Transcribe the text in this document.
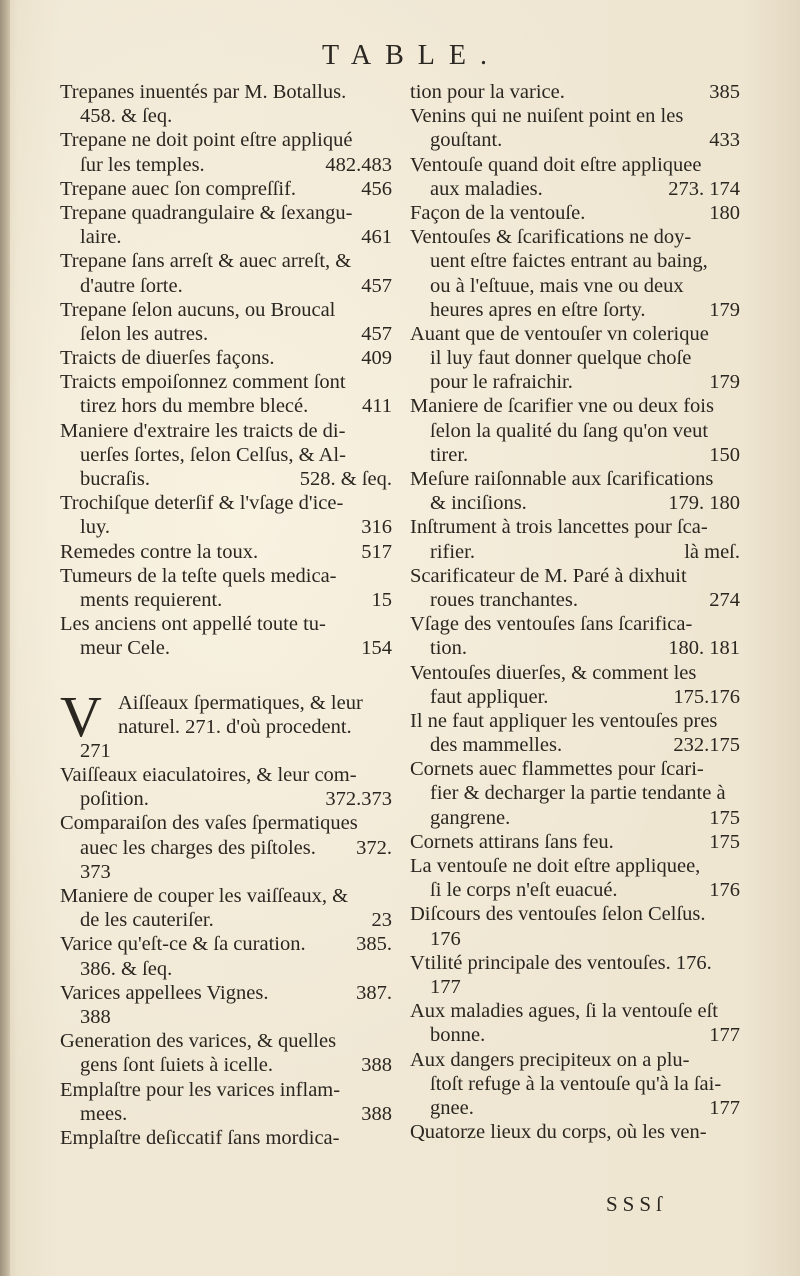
TABLE.
Trepanes inuentés par M. Botallus.
458. & ſeq.
Trepane ne doit point eſtre appliqué
ſur les temples.	482.483
Trepane auec ſon compreſſif.	456
Trepane quadrangulaire & ſexangu-
laire.	461
Trepane ſans arreſt & auec arreſt, &
d'autre ſorte.	457
Trepane ſelon aucuns, ou Broucal
ſelon les autres.	457
Traicts de diuerſes façons.	409
Traicts empoiſonnez comment ſont
tirez hors du membre blecé.	411
Maniere d'extraire les traicts de di-
uerſes ſortes, ſelon Celſus, & Al-
bucraſis.	528. & ſeq.
Trochiſque deterſif & l'vſage d'ice-
luy.	316
Remedes contre la toux.	517
Tumeurs de la teſte quels medica-
ments requierent.	15
Les anciens ont appellé toute tu-
meur Cele.	154
V Aiſſeaux ſpermatiques, & leur
naturel. 271. d'où procedent.
271
Vaiſſeaux eiaculatoires, & leur com-
poſition.	372.373
Comparaiſon des vaſes ſpermatiques
auec les charges des piſtoles.	372.
373
Maniere de couper les vaiſſeaux, &
de les cauteriſer.	23
Varice qu'eſt-ce & ſa curation.	385.
386. & ſeq.
Varices appellees Vignes.	387.
388
Generation des varices, & quelles
gens ſont ſuiets à icelle.	388
Emplaſtre pour les varices inflam-
mees.	388
Emplaſtre deſiccatif ſans mordica-
tion pour la varice.	385
Venins qui ne nuiſent point en les
gouſtant.	433
Ventouſe quand doit eſtre appliquee
aux maladies.	273. 174
Façon de la ventouſe.	180
Ventouſes & ſcarifications ne doy-
uent eſtre faictes entrant au baing,
ou à l'eſtuue, mais vne ou deux
heures apres en eſtre ſorty.	179
Auant que de ventouſer vn colerique
il luy faut donner quelque choſe
pour le rafraichir.	179
Maniere de ſcarifier vne ou deux fois
ſelon la qualité du ſang qu'on veut
tirer.	150
Meſure raiſonnable aux ſcarifications
& inciſions.	179. 180
Inſtrument à trois lancettes pour ſca-
rifier.	là meſ.
Scarificateur de M. Paré à dixhuit
roues tranchantes.	274
Vſage des ventouſes ſans ſcarifica-
tion.	180. 181
Ventouſes diuerſes, & comment les
faut appliquer.	175.176
Il ne faut appliquer les ventouſes pres
des mammelles.	232.175
Cornets auec flammettes pour ſcari-
fier & decharger la partie tendante à
gangrene.	175
Cornets attirans ſans feu.	175
La ventouſe ne doit eſtre appliquee,
ſi le corps n'eſt euacué.	176
Diſcours des ventouſes ſelon Celſus.
176
Vtilité principale des ventouſes. 176.
177
Aux maladies agues, ſi la ventouſe eſt
bonne.	177
Aux dangers precipiteux on a plu-
ſtoſt refuge à la ventouſe qu'à la ſai-
gnee.	177
Quatorze lieux du corps, où les ven-
SSSſ
